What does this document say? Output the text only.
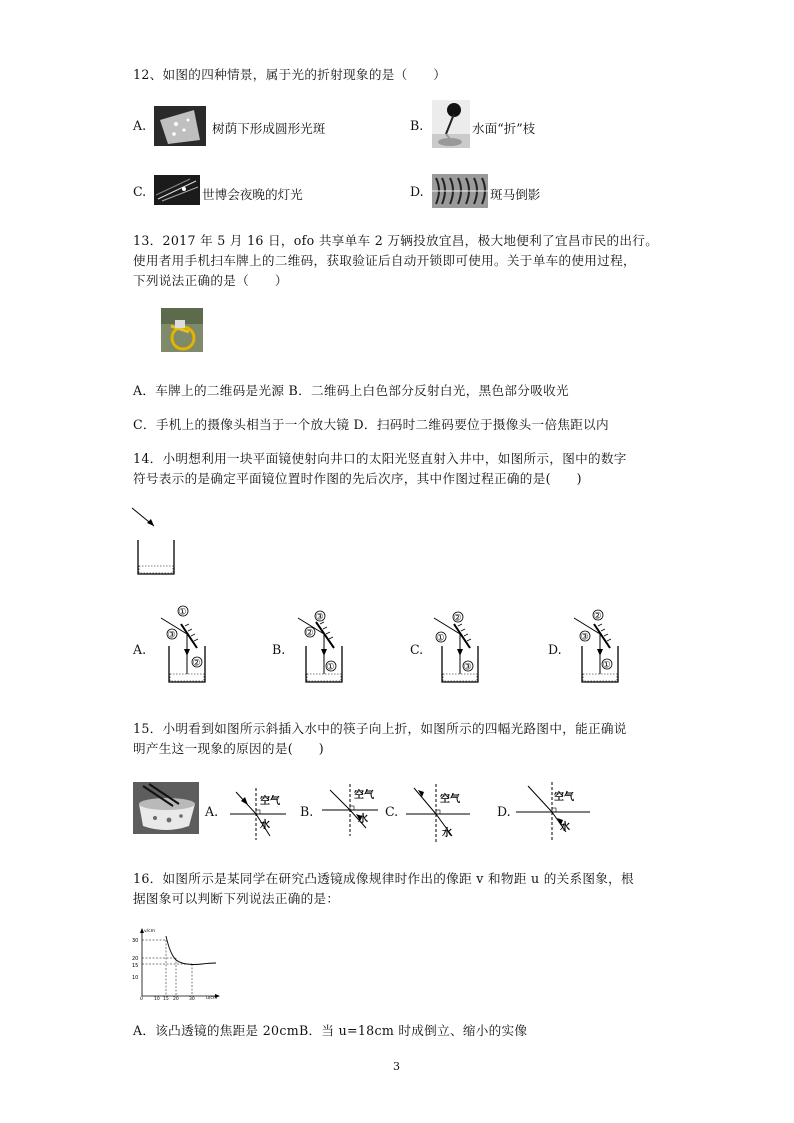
12、如图的四种情景，属于光的折射现象的是（　　）
A.	树荫下形成圆形光斑	B.	水面“折”枝
C.	世博会夜晚的灯光	D.	斑马倒影
13．2017 年 5 月 16 日，ofo 共享单车 2 万辆投放宜昌，极大地便利了宜昌市民的出行。
使用者用手机扫车牌上的二维码，获取验证后自动开锁即可使用。关于单车的使用过程，
下列说法正确的是（　　）
A．车牌上的二维码是光源 B．二维码上白色部分反射白光，黑色部分吸收光
C．手机上的摄像头相当于一个放大镜 D．扫码时二维码要位于摄像头一倍焦距以内
14．小明想利用一块平面镜使射向井口的太阳光竖直射入井中，如图所示，图中的数字
符号表示的是确定平面镜位置时作图的先后次序，其中作图过程正确的是(　　)
A.
①
③
②
B.
③
②
①
C.
②
①
③
D.
②
③
①
15．小明看到如图所示斜插入水中的筷子向上折，如图所示的四幅光路图中，能正确说
明产生这一现象的原因的是(　　)
A.
空气
水
B.
空气
水
C.
空气
水
D.
空气
水
16．如图所示是某同学在研究凸透镜成像规律时作出的像距 v 和物距 u 的关系图象，根
据图象可以判断下列说法正确的是：
v/cm
u/cm
30
20
15
10
0 10 15 20 30
A．该凸透镜的焦距是 20cmB．当 u=18cm 时成倒立、缩小的实像
3
